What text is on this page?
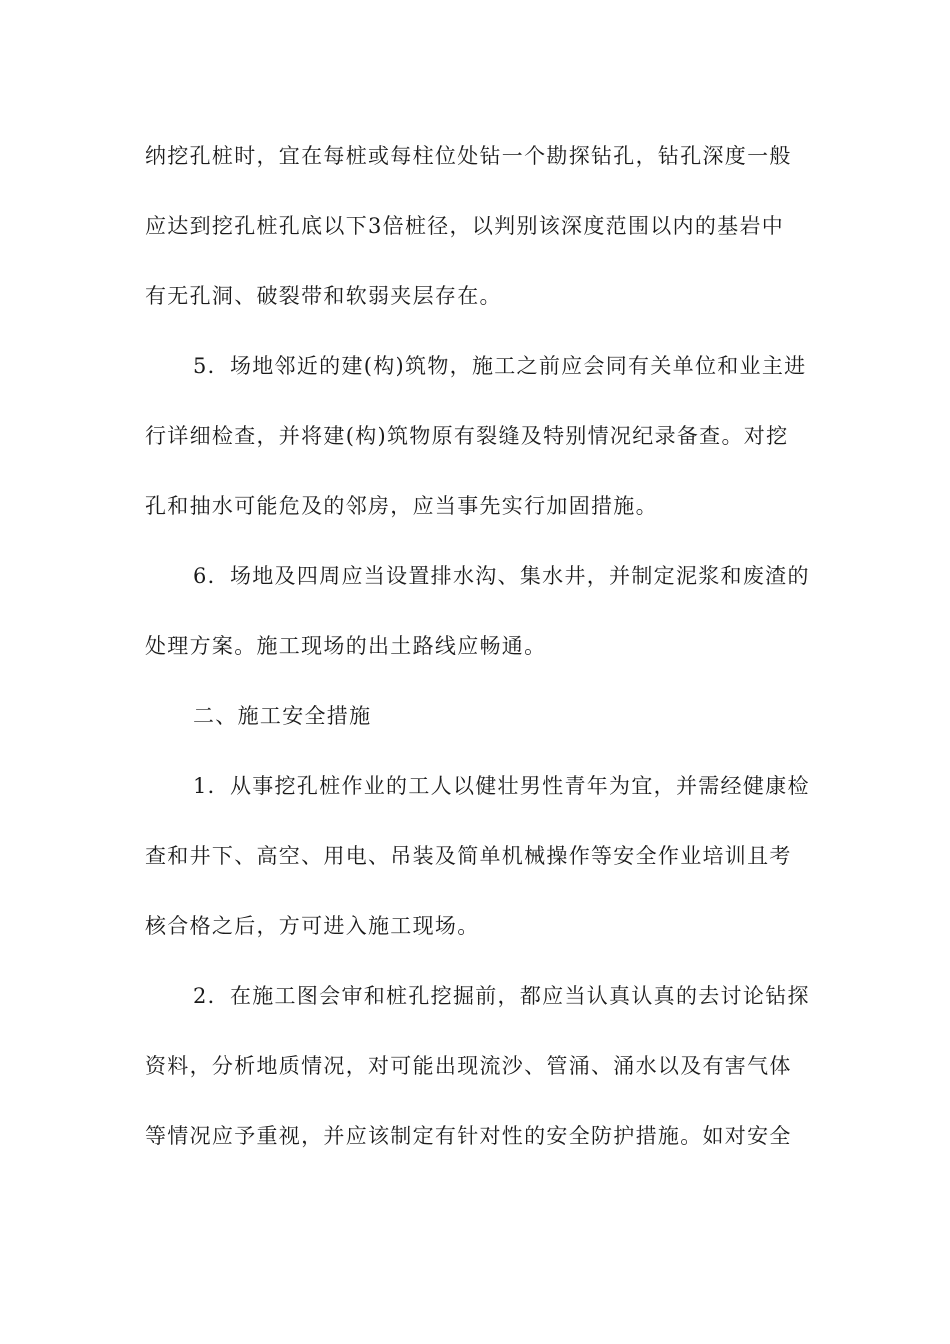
纳挖孔桩时，宜在每桩或每柱位处钻一个勘探钻孔，钻孔深度一般
应达到挖孔桩孔底以下3倍桩径，以判别该深度范围以内的基岩中
有无孔洞、破裂带和软弱夹层存在。
5．场地邻近的建(构)筑物，施工之前应会同有关单位和业主进
行详细检查，并将建(构)筑物原有裂缝及特别情况纪录备查。对挖
孔和抽水可能危及的邻房，应当事先实行加固措施。
6．场地及四周应当设置排水沟、集水井，并制定泥浆和废渣的
处理方案。施工现场的出土路线应畅通。
二、施工安全措施
1．从事挖孔桩作业的工人以健壮男性青年为宜，并需经健康检
查和井下、高空、用电、吊装及简单机械操作等安全作业培训且考
核合格之后，方可进入施工现场。
2．在施工图会审和桩孔挖掘前，都应当认真认真的去讨论钻探
资料，分析地质情况，对可能出现流沙、管涌、涌水以及有害气体
等情况应予重视，并应该制定有针对性的安全防护措施。如对安全
